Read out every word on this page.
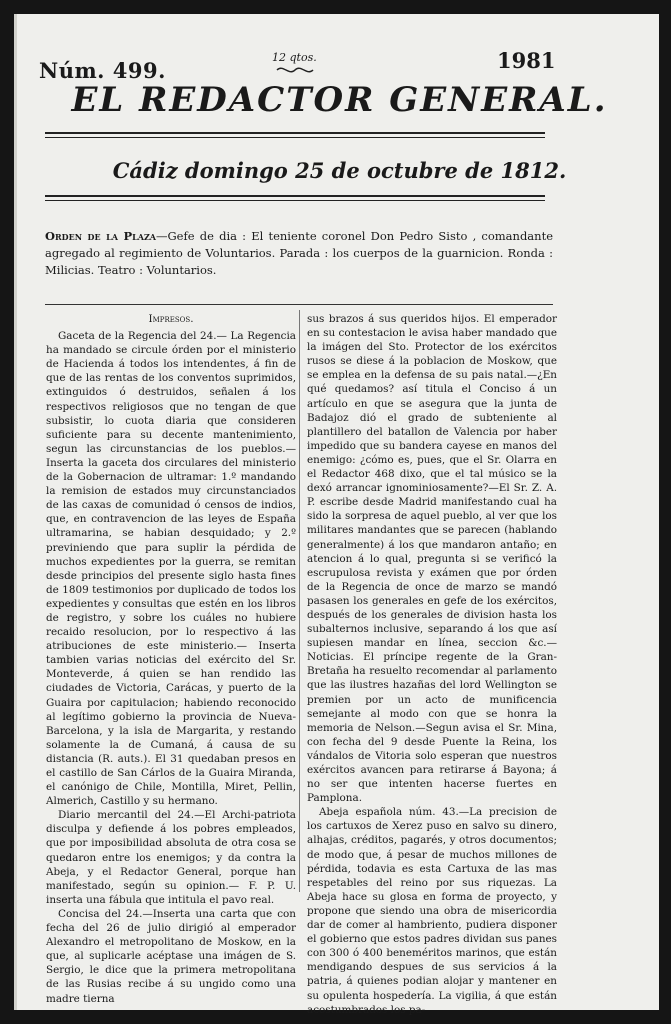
Núm. 499.
12 qtos.	1981
EL REDACTOR GENERAL.
Cádiz domingo 25 de octubre de 1812.
Orden de la Plaza—Gefe de dia : El teniente coronel Don Pedro Sisto , comandante agregado al regimiento de Voluntarios. Parada : los cuerpos de la guarnicion. Ronda : Milicias. Teatro : Voluntarios.

Impresos.

Gaceta de la Regencia del 24.— La Regencia ha mandado se circule órden por el ministerio de Hacienda á todos los intendentes, á fin de que de las rentas de los conventos suprimidos, extinguidos ó destruidos, señalen á los respectivos religiosos que no tengan de que subsistir, lo cuota diaria que consideren suficiente para su decente mantenimiento, segun las circunstancias de los pueblos.— Inserta la gaceta dos circulares del ministerio de la Gobernacion de ultramar: 1.º mandando la remision de estados muy circunstanciados de las caxas de comunidad ó censos de indios, que, en contravencion de las leyes de España ultramarina, se habian desquidado; y 2.º previniendo que para suplir la pérdida de muchos expedientes por la guerra, se remitan desde principios del presente siglo hasta fines de 1809 testimonios por duplicado de todos los expedientes y consultas que estén en los libros de registro, y sobre los cuáles no hubiere recaido resolucion, por lo respectivo á las atribuciones de este ministerio.— Inserta tambien varias noticias del exército del Sr. Monteverde, á quien se han rendido las ciudades de Victoria, Carácas, y puerto de la Guaira por capitulacion; habiendo reconocido al legítimo gobierno la provincia de Nueva-Barcelona, y la isla de Margarita, y restando solamente la de Cumaná, á causa de su distancia (R. auts.). El 31 quedaban presos en el castillo de San Cárlos de la Guaira Miranda, el canónigo de Chile, Montilla, Miret, Pellin, Almerich, Castillo y su hermano.

Diario mercantil del 24.—El Archi-patriota disculpa y defiende á los pobres empleados, que por imposibilidad absoluta de otra cosa se quedaron entre los enemigos; y da contra la Abeja, y el Redactor General, porque han manifestado, según su opinion.— F. P. U. inserta una fábula que intitula el pavo real.

Concisa del 24.—Inserta una carta que con fecha del 26 de julio dirigió al emperador Alexandro el metropolitano de Moskow, en la que, al suplicarle acéptase una imágen de S. Sergio, le dice que la primera metropolitana de las Rusias recibe á su ungido como una madre tierna

sus brazos á sus queridos hijos. El emperador en su contestacion le avisa haber mandado que la imágen del Sto. Protector de los exércitos rusos se diese á la poblacion de Moskow, que se emplea en la defensa de su pais natal.—¿En qué quedamos? así titula el Conciso á un artículo en que se asegura que la junta de Badajoz dió el grado de subteniente al plantillero del batallon de Valencia por haber impedido que su bandera cayese en manos del enemigo: ¿cómo es, pues, que el Sr. Olarra en el Redactor 468 dixo, que el tal músico se la dexó arrancar ignominiosamente?—El Sr. Z. A. P. escribe desde Madrid manifestando cual ha sido la sorpresa de aquel pueblo, al ver que los militares mandantes que se parecen (hablando generalmente) á los que mandaron antaño; en atencion á lo qual, pregunta si se verificó la escrupulosa revista y exámen que por órden de la Regencia de once de marzo se mandó pasasen los generales en gefe de los exércitos, después de los generales de division hasta los subalternos inclusive, separando á los que así supiesen mandar en línea, seccion &c.— Noticias. El príncipe regente de la Gran-Bretaña ha resuelto recomendar al parlamento que las ilustres hazañas del lord Wellington se premien por un acto de munificencia semejante al modo con que se honra la memoria de Nelson.—Segun avisa el Sr. Mina, con fecha del 9 desde Puente la Reina, los vándalos de Vitoria solo esperan que nuestros exércitos avancen para retirarse á Bayona; á no ser que intenten hacerse fuertes en Pamplona.

Abeja española núm. 43.—La precision de los cartuxos de Xerez puso en salvo su dinero, alhajas, créditos, pagarés, y otros documentos; de modo que, á pesar de muchos millones de pérdida, todavia es esta Cartuxa de las mas respetables del reino por sus riquezas. La Abeja hace su glosa en forma de proyecto, y propone que siendo una obra de misericordia dar de comer al hambriento, pudiera disponer el gobierno que estos padres dividan sus panes con 300 ó 400 beneméritos marinos, que están mendigando despues de sus servicios á la patria, á quienes podian alojar y mantener en su opulenta hospedería. La vigilia, á que están acostumbrados los pa-
